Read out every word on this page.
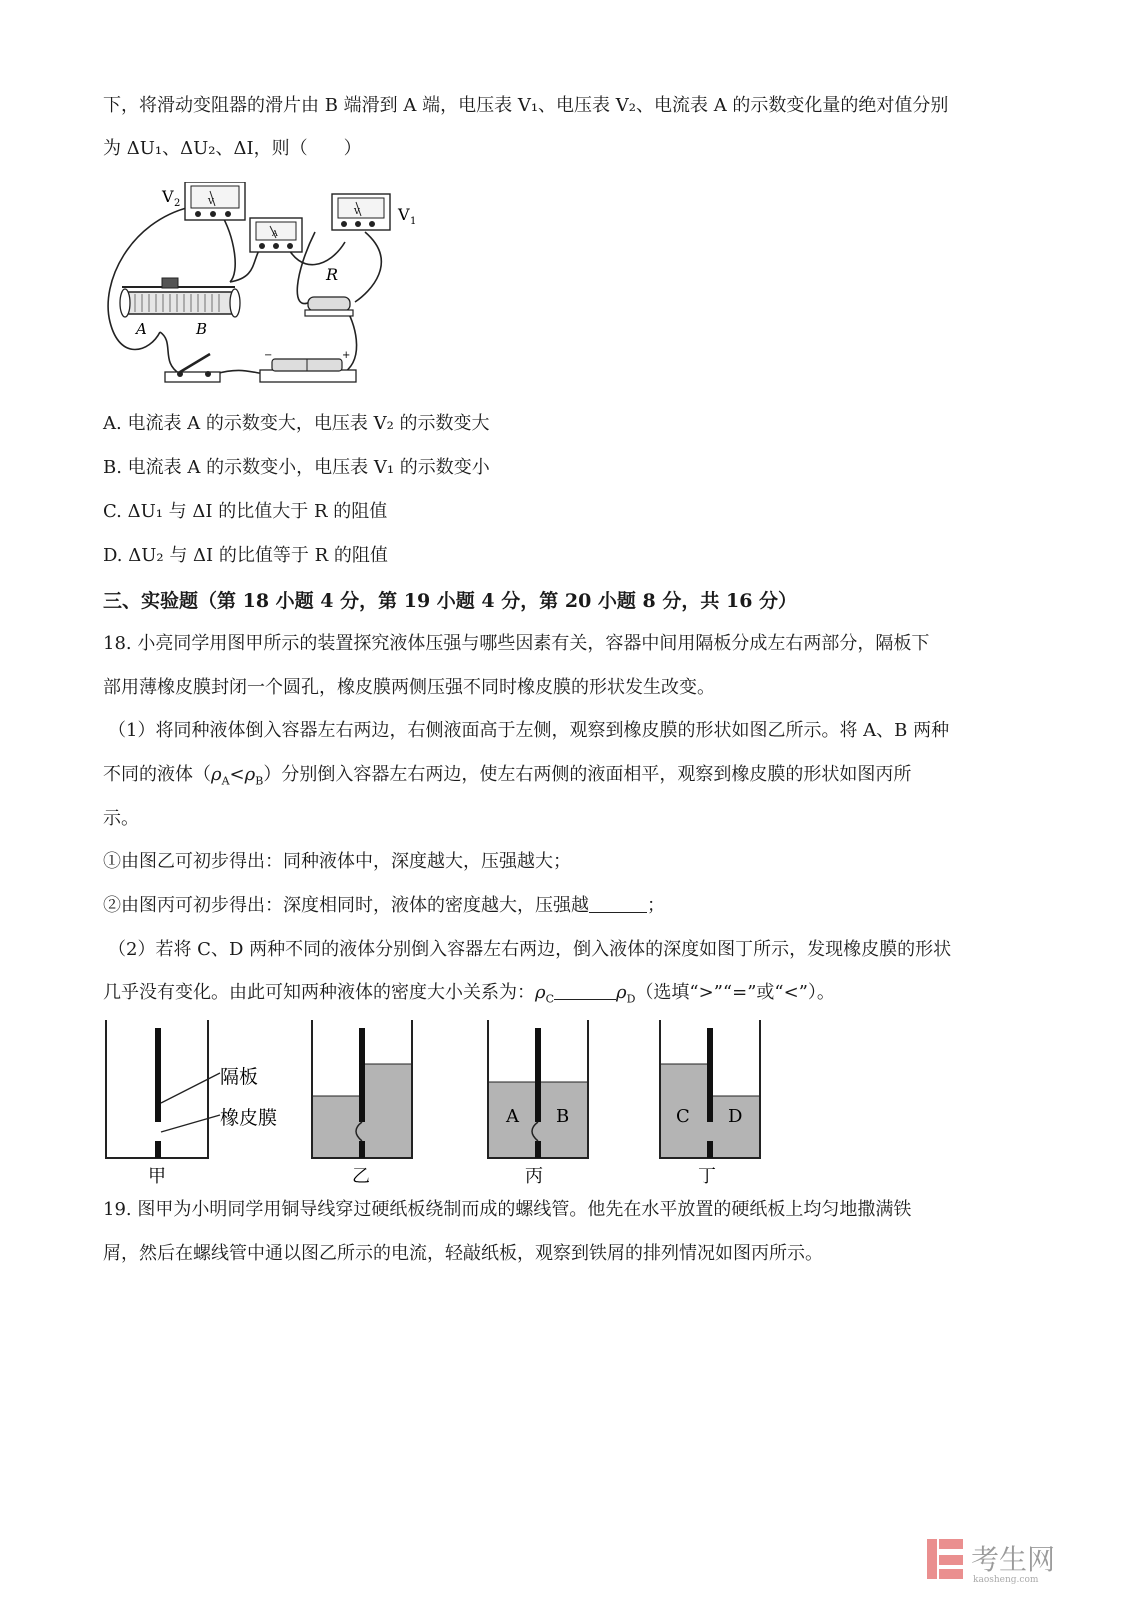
下，将滑动变阻器的滑片由 B 端滑到 A 端，电压表 V₁、电压表 V₂、电流表 A 的示数变化量的绝对值分别
为 ΔU₁、ΔU₂、ΔI，则（　　）
V
V 2
A
V V 1
R
A	B
−	+
A. 电流表 A 的示数变大，电压表 V₂ 的示数变大
B. 电流表 A 的示数变小，电压表 V₁ 的示数变小
C. ΔU₁ 与 ΔI 的比值大于 R 的阻值
D. ΔU₂ 与 ΔI 的比值等于 R 的阻值
三、实验题（第 18 小题 4 分，第 19 小题 4 分，第 20 小题 8 分，共 16 分）
18. 小亮同学用图甲所示的装置探究液体压强与哪些因素有关，容器中间用隔板分成左右两部分，隔板下
部用薄橡皮膜封闭一个圆孔，橡皮膜两侧压强不同时橡皮膜的形状发生改变。
（1）将同种液体倒入容器左右两边，右侧液面高于左侧，观察到橡皮膜的形状如图乙所示。将 A、B 两种
不同的液体$(\rho_A<\rho_B)$分别倒入容器左右两边，使左右两侧的液面相平，观察到橡皮膜的形状如图丙所
示。
①由图乙可初步得出：同种液体中，深度越大，压强越大；
②由图丙可初步得出：深度相同时，液体的密度越大，压强越	；
（2）若将 C、D 两种不同的液体分别倒入容器左右两边，倒入液体的深度如图丁所示，发现橡皮膜的形状
几乎没有变化。由此可知两种液体的密度大小关系为：$\rho_C$	$\rho_D$（选填“>”“=”或“<”）。
隔板
橡皮膜
甲	乙
A B
丙
C D
丁
19. 图甲为小明同学用铜导线穿过硬纸板绕制而成的螺线管。他先在水平放置的硬纸板上均匀地撒满铁
屑，然后在螺线管中通以图乙所示的电流，轻敲纸板，观察到铁屑的排列情况如图丙所示。
考生网
kaosheng.com
